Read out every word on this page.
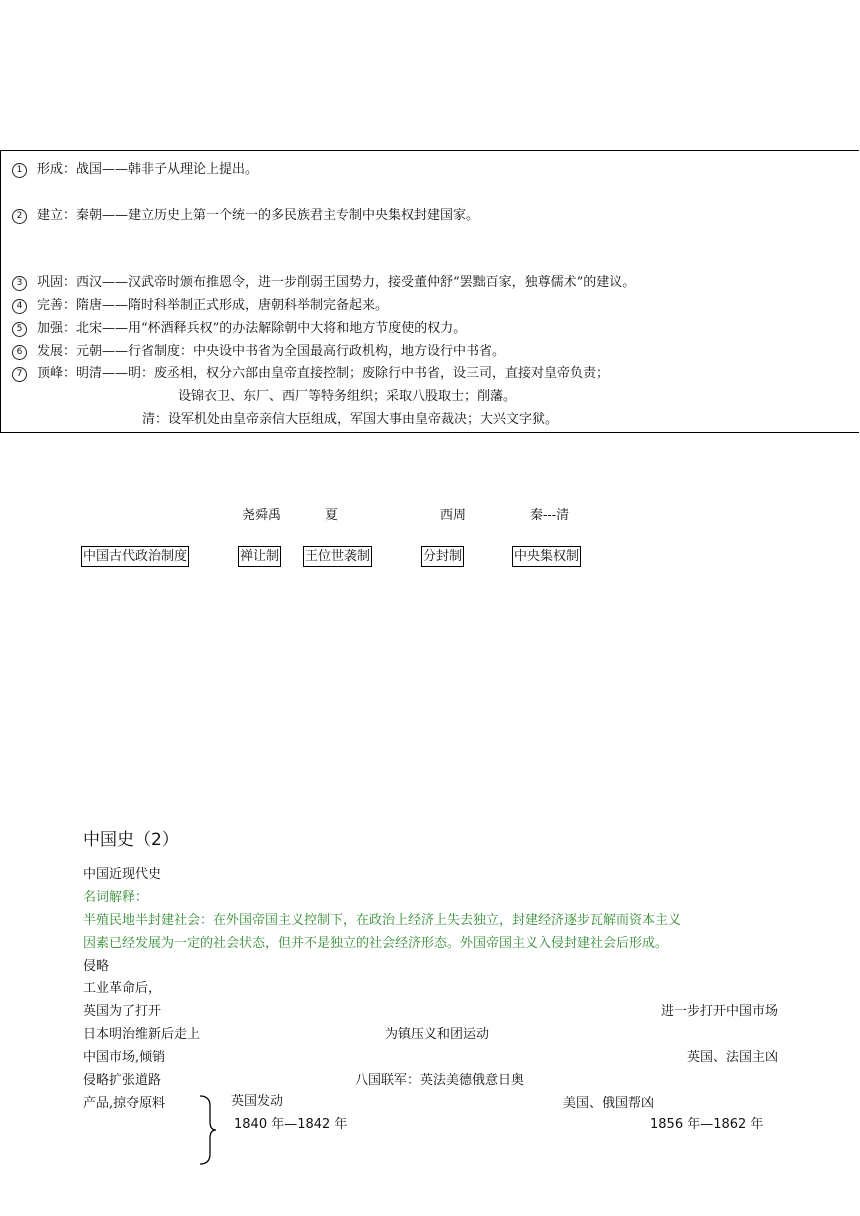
1 形成：战国——韩非子从理论上提出。
2 建立：秦朝——建立历史上第一个统一的多民族君主专制中央集权封建国家。
3 巩固：西汉——汉武帝时颁布推恩令，进一步削弱王国势力，接受董仲舒“罢黜百家，独尊儒术”的建议。
4 完善：隋唐——隋时科举制正式形成，唐朝科举制完备起来。
5 加强：北宋——用“杯酒释兵权”的办法解除朝中大将和地方节度使的权力。
6 发展：元朝——行省制度：中央设中书省为全国最高行政机构，地方设行中书省。
7 顶峰：明清——明：废丞相，权分六部由皇帝直接控制；废除行中书省，设三司，直接对皇帝负责；
设锦衣卫、东厂、西厂等特务组织；采取八股取士；削藩。
清：设军机处由皇帝亲信大臣组成，军国大事由皇帝裁决；大兴文字狱。
尧舜禹	夏	西周	秦---清
中国古代政治制度	禅让制 王位世袭制	分封制	中央集权制
中国史（2）
中国近现代史
名词解释：
半殖民地半封建社会：在外国帝国主义控制下，在政治上经济上失去独立，封建经济逐步瓦解而资本主义
因素已经发展为一定的社会状态，但并不是独立的社会经济形态。外国帝国主义入侵封建社会后形成。
侵略
工业革命后，
英国为了打开
日本明治维新后走上
中国市场,倾销
侵略扩张道路
产品,掠夺原料
为镇压义和团运动
八国联军：英法美德俄意日奥
进一步打开中国市场
英国、法国主凶
美国、俄国帮凶
英国发动
1840 年—1842 年	1856 年—1862 年
